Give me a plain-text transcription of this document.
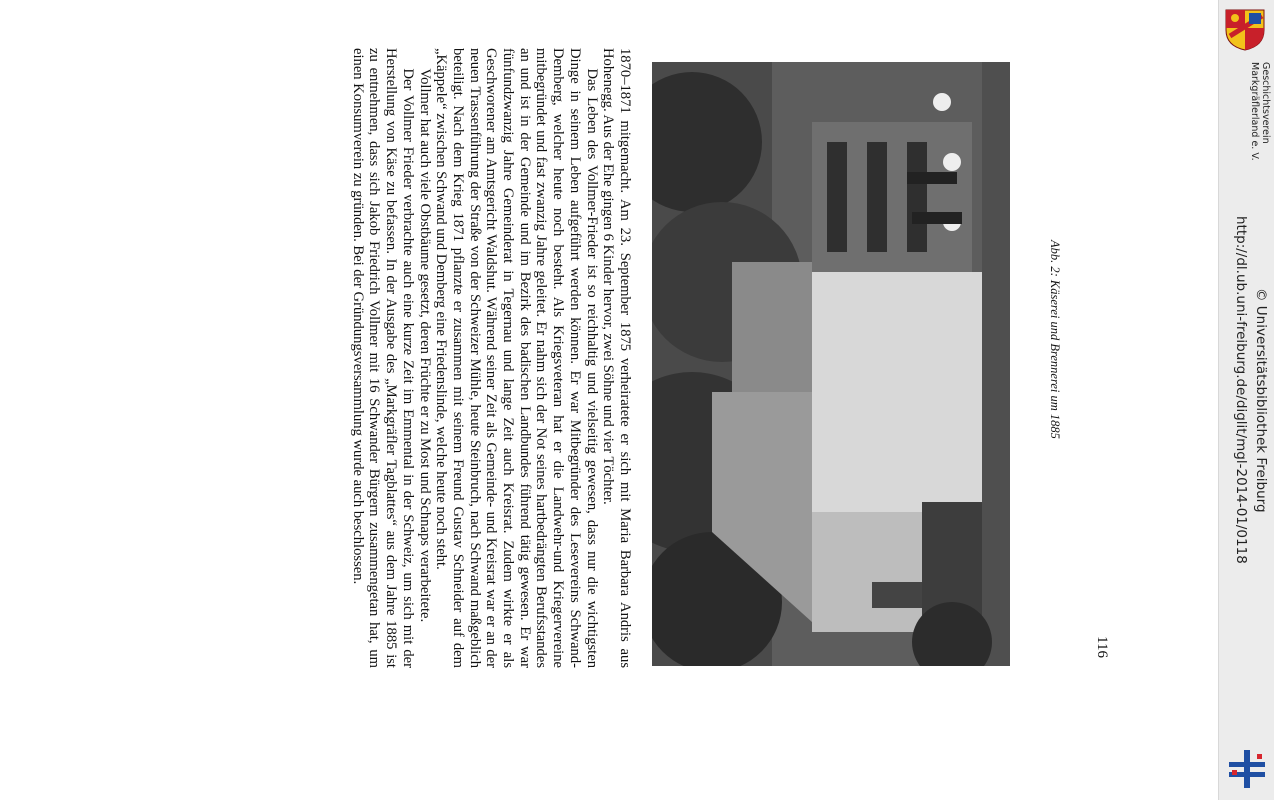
1870–1871 mitgemacht. Am 23. September 1875 verheiratete er sich mit Maria Barbara Andris aus Hohenegg. Aus der Ehe gingen 6 Kinder hervor, zwei Söhne und vier Töchter.

Das Leben des Vollmer-Frieder ist so reichhaltig und vielseitig gewesen, dass nur die wichtigsten Dinge in seinem Leben aufgeführt werden können. Er war Mitbegründer des Lesevereins Schwand-Demberg, welcher heute noch besteht. Als Kriegsveteran hat er die Landwehr-und Kriegervereine mitbegründet und fast zwanzig Jahre geleitet. Er nahm sich der Not seines hartbedrängten Berufsstandes an und ist in der Gemeinde und im Bezirk des badischen Landbundes führend tätig gewesen. Er war fünfundzwanzig Jahre Gemeinderat in Tegernau und lange Zeit auch Kreisrat. Zudem wirkte er als Geschworener am Amtsgericht Waldshut. Während seiner Zeit als Gemeinde- und Kreisrat war er an der neuen Trassenführung der Straße von der Schweizer Mühle, heute Steinbruch, nach Schwand maßgeblich beteiligt. Nach dem Krieg 1871 pflanzte er zusammen mit seinem Freund Gustav Schneider auf dem „Käppele“ zwischen Schwand und Demberg eine Friedenslinde, welche heute noch steht.

Vollmer hat auch viele Obstbäume gesetzt, deren Früchte er zu Most und Schnaps verarbeitete.

Der Vollmer Frieder verbrachte auch eine kurze Zeit im Emmental in der Schweiz, um sich mit der Herstellung von Käse zu befassen. In der Ausgabe des „Markgräfler Tagblattes“ aus dem Jahre 1885 ist zu entnehmen, dass sich Jakob Friedrich Vollmer mit 16 Schwander Bürgern zusammengetan hat, um einen Konsumverein zu gründen. Bei der Gründungsversammlung wurde auch beschlossen.	Abb. 2: Käserei und Brennerei um 1885
116
Geschichtsverein
Markgräflerland e. V.
http://dl.ub.uni-freiburg.de/diglit/mgl-2014-01/0118 © Universitätsbibliothek Freiburg
